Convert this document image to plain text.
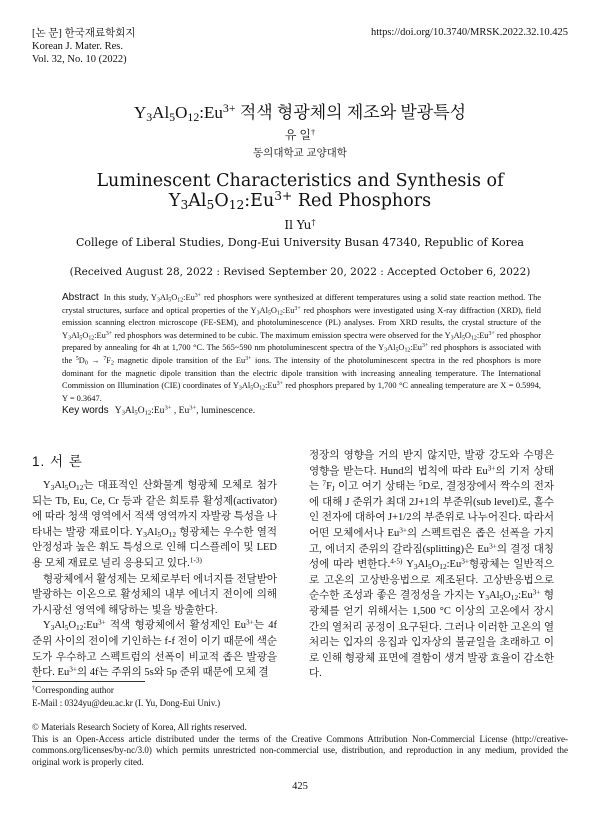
[논 문] 한국재료학회지
Korean J. Mater. Res.
Vol. 32, No. 10 (2022)
https://doi.org/10.3740/MRSK.2022.32.10.425
$Y_3Al_5O_{12}:Eu^{3+}$ 적색 형광체의 제조와 발광특성
유 일†
동의대학교 교양대학
Luminescent Characteristics and Synthesis of
$Y_3Al_5O_{12}:Eu^{3+}$ Red Phosphors
Il Yu†
College of Liberal Studies, Dong-Eui University Busan 47340, Republic of Korea
(Received August 28, 2022 : Revised September 20, 2022 : Accepted October 6, 2022)
Abstract In this study, $Y_3Al_5O_{12}:Eu^{3+}$ red phosphors were synthesized at different temperatures using a solid state reaction method. The crystal structures, surface and optical properties of the $Y_3Al_5O_{12}:Eu^{3+}$ red phosphors were investigated using X-ray diffraction (XRD), field emission scanning electron microscope (FE-SEM), and photoluminescence (PL) analyses. From XRD results, the crystal structure of the $Y_3Al_5O_{12}:Eu^{3+}$ red phosphors was determined to be cubic. The maximum emission spectra were observed for the $Y_3Al_5O_{12}:Eu^{3+}$ red phosphor prepared by annealing for 4h at 1,700 °C. The 565~590 nm photoluminescent spectra of the $Y_3Al_5O_{12}:Eu^{3+}$ red phosphors is associated with the $^5D_0 \to ^7F_2$ magnetic dipole transition of the $Eu^{3+}$ ions. The intensity of the photoluminescent spectra in the red phosphors is more dominant for the magnetic dipole transition than the electric dipole transition with increasing annealing temperature. The International Commission on Illumination (CIE) coordinates of $Y_3Al_5O_{12}:Eu^{3+}$ red phosphors prepared by 1,700 °C annealing temperature are X = 0.5994, Y = 0.3647.
Key words $Y_3Al_5O_{12}:Eu^{3+}$ , $Eu^{3+}$, luminescence.
1. 서 론

$Y_3Al_5O_{12}$는 대표적인 산화물계 형광체 모체로 첨가되는 Tb, Eu, Ce, Cr 등과 같은 희토류 활성제(activator)에 따라 청색 영역에서 적색 영역까지 자발광 특성을 나타내는 발광 재료이다. $Y_3Al_5O_{12}$ 형광체는 우수한 열적 안정성과 높은 휘도 특성으로 인해 디스플레이 및 LED용 모체 재료로 널리 응용되고 있다.$^{1-3)}$

형광체에서 활성제는 모체로부터 에너지를 전달받아 발광하는 이온으로 활성체의 내부 에너지 전이에 의해 가시광선 영역에 해당하는 빛을 방출한다.

$Y_3Al_5O_{12}:Eu^{3+}$ 적색 형광체에서 활성제인 $Eu^{3+}$는 4f 준위 사이의 전이에 기인하는 f-f 전이 이기 때문에 색순도가 우수하고 스펙트럼의 선폭이 비교적 좁은 발광을 한다. $Eu^{3+}$의 4f는 주위의 5s와 5p 준위 때문에 모체 결

정장의 영향을 거의 받지 않지만, 발광 강도와 수명은 영향을 받는다. Hund의 법칙에 따라 $Eu^{3+}$의 기저 상태는 $^7F_J$ 이고 여기 상태는 $^5$D로, 결정장에서 짝수의 전자에 대해 J 준위가 최대 2J+1의 부준위(sub level)로, 홀수인 전자에 대하여 J+1/2의 부준위로 나누어진다. 따라서 어떤 모체에서나 $Eu^{3+}$의 스펙트럼은 좁은 선폭을 가지고, 에너지 준위의 갈라짐(splitting)은 $Eu^{3+}$의 결정 대칭성에 따라 변한다.$^{4-5)}$ $Y_3Al_5O_{12}:Eu^{3+}$형광체는 일반적으로 고온의 고상반응법으로 제조된다. 고상반응법으로 순수한 조성과 좋은 결정성을 가지는 $Y_3Al_5O_{12}:Eu^{3+}$ 형광체를 얻기 위해서는 1,500 °C 이상의 고온에서 장시간의 열처리 공정이 요구된다. 그러나 이러한 고온의 열처리는 입자의 응집과 입자상의 불균일을 초래하고 이로 인해 형광체 표면에 결함이 생겨 발광 효율이 감소한다.

†Corresponding author
E-Mail : 0324yu@deu.ac.kr (I. Yu, Dong-Eui Univ.)
© Materials Research Society of Korea, All rights reserved.
This is an Open-Access article distributed under the terms of the Creative Commons Attribution Non-Commercial License (http://creative-commons.org/licenses/by-nc/3.0) which permits unrestricted non-commercial use, distribution, and reproduction in any medium, provided the original work is properly cited.
425
